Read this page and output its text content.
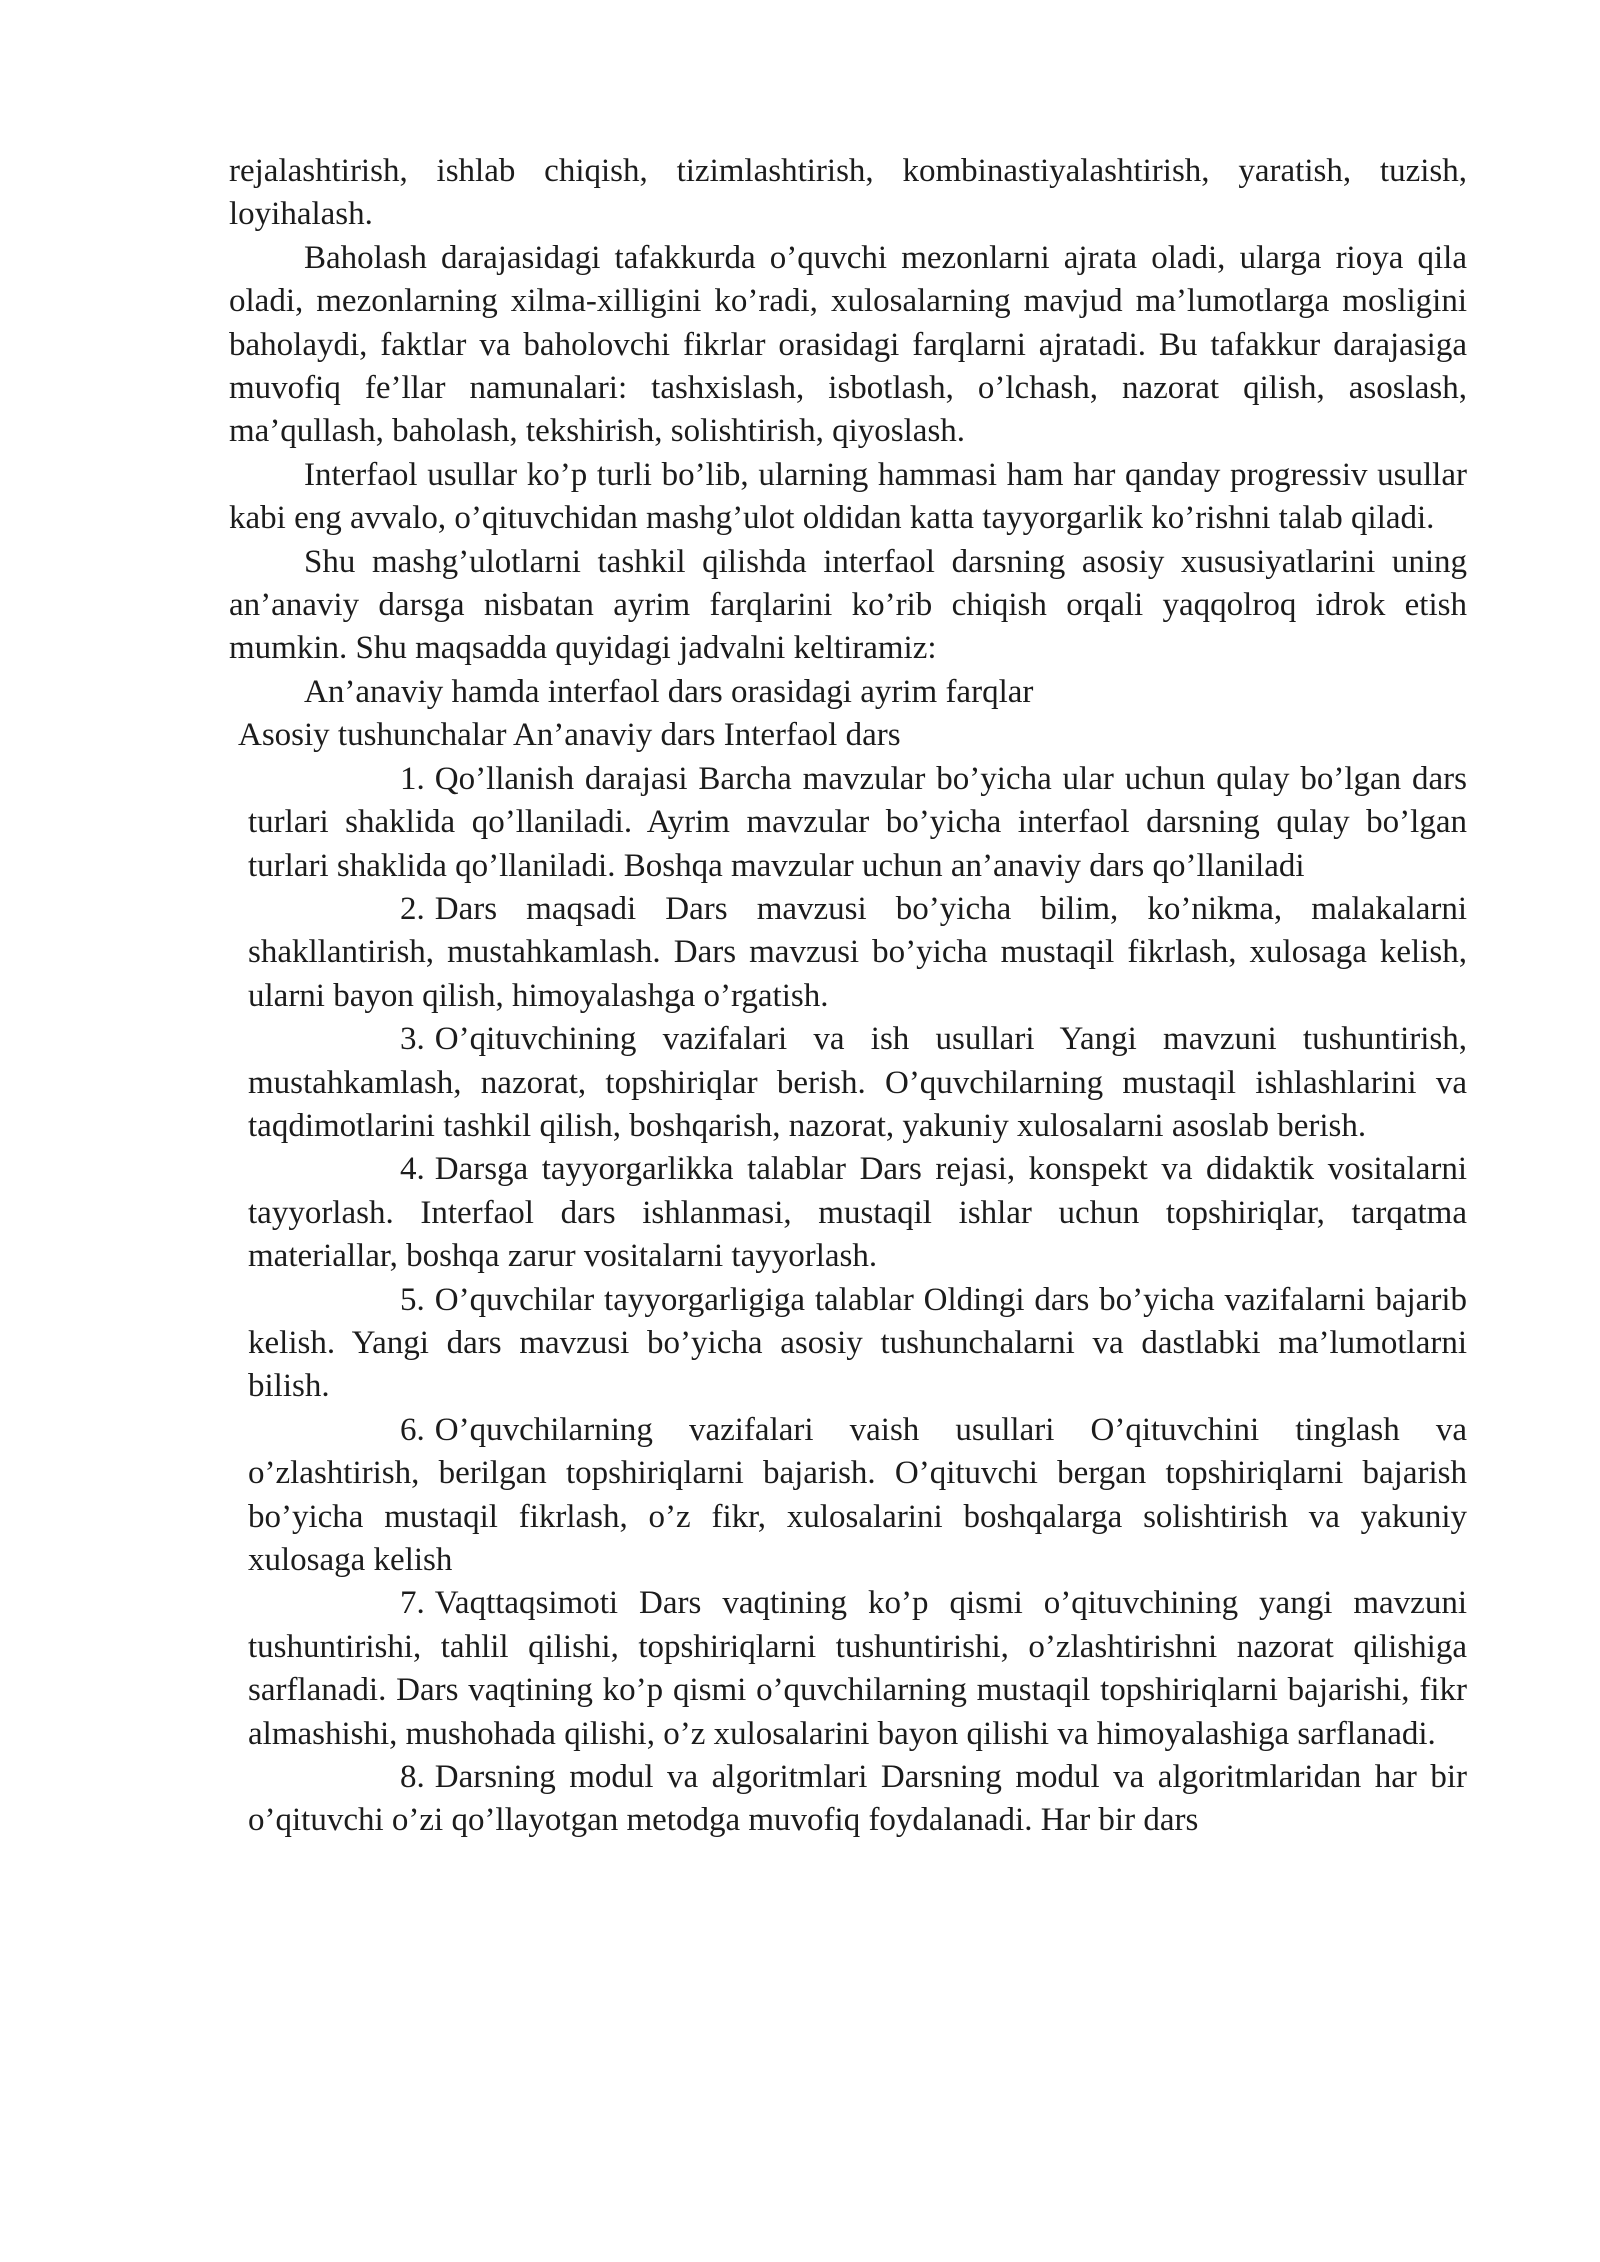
rejalashtirish, ishlab chiqish, tizimlashtirish, kombinastiyalashtirish, yaratish, tuzish, loyihalash.

Baholash darajasidagi tafakkurda o’quvchi mezonlarni ajrata oladi, ularga rioya qila oladi, mezonlarning xilma-xilligini ko’radi, xulosalarning mavjud ma’lumotlarga mosligini baholaydi, faktlar va baholovchi fikrlar orasidagi farqlarni ajratadi. Bu tafakkur darajasiga muvofiq fe’llar namunalari: tashxislash, isbotlash, o’lchash, nazorat qilish, asoslash, ma’qullash, baholash, tekshirish, solishtirish, qiyoslash.

Interfaol usullar ko’p turli bo’lib, ularning hammasi ham har qanday progressiv usullar kabi eng avvalo, o’qituvchidan mashg’ulot oldidan katta tayyorgarlik ko’rishni talab qiladi.

Shu mashg’ulotlarni tashkil qilishda interfaol darsning asosiy xususiyatlarini uning an’anaviy darsga nisbatan ayrim farqlarini ko’rib chiqish orqali yaqqolroq idrok etish mumkin. Shu maqsadda quyidagi jadvalni keltiramiz:

An’anaviy hamda interfaol dars orasidagi ayrim farqlar

Asosiy tushunchalar An’anaviy dars Interfaol dars

1. Qo’llanish darajasi Barcha mavzular bo’yicha ular uchun qulay bo’lgan dars turlari shaklida qo’llaniladi. Ayrim mavzular bo’yicha interfaol darsning qulay bo’lgan turlari shaklida qo’llaniladi. Boshqa mavzular uchun an’anaviy dars qo’llaniladi

2. Dars maqsadi Dars mavzusi bo’yicha bilim, ko’nikma, malakalarni shakllantirish, mustahkamlash. Dars mavzusi bo’yicha mustaqil fikrlash, xulosaga kelish, ularni bayon qilish, himoyalashga o’rgatish.

3. O’qituvchining vazifalari va ish usullari Yangi mavzuni tushuntirish, mustahkamlash, nazorat, topshiriqlar berish. O’quvchilarning mustaqil ishlashlarini va taqdimotlarini tashkil qilish, boshqarish, nazorat, yakuniy xulosalarni asoslab berish.

4. Darsga tayyorgarlikka talablar Dars rejasi, konspekt va didaktik vositalarni tayyorlash. Interfaol dars ishlanmasi, mustaqil ishlar uchun topshiriqlar, tarqatma materiallar, boshqa zarur vositalarni tayyorlash.

5. O’quvchilar tayyorgarligiga talablar Oldingi dars bo’yicha vazifalarni bajarib kelish. Yangi dars mavzusi bo’yicha asosiy tushunchalarni va dastlabki ma’lumotlarni bilish.

6. O’quvchilarning vazifalari vaish usullari O’qituvchini tinglash va o’zlashtirish, berilgan topshiriqlarni bajarish. O’qituvchi bergan topshiriqlarni bajarish bo’yicha mustaqil fikrlash, o’z fikr, xulosalarini boshqalarga solishtirish va yakuniy xulosaga kelish

7. Vaqttaqsimoti Dars vaqtining ko’p qismi o’qituvchining yangi mavzuni tushuntirishi, tahlil qilishi, topshiriqlarni tushuntirishi, o’zlashtirishni nazorat qilishiga sarflanadi. Dars vaqtining ko’p qismi o’quvchilarning mustaqil topshiriqlarni bajarishi, fikr almashishi, mushohada qilishi, o’z xulosalarini bayon qilishi va himoyalashiga sarflanadi.

8. Darsning modul va algoritmlari Darsning modul va algoritmlaridan har bir o’qituvchi o’zi qo’llayotgan metodga muvofiq foydalanadi. Har bir dars
